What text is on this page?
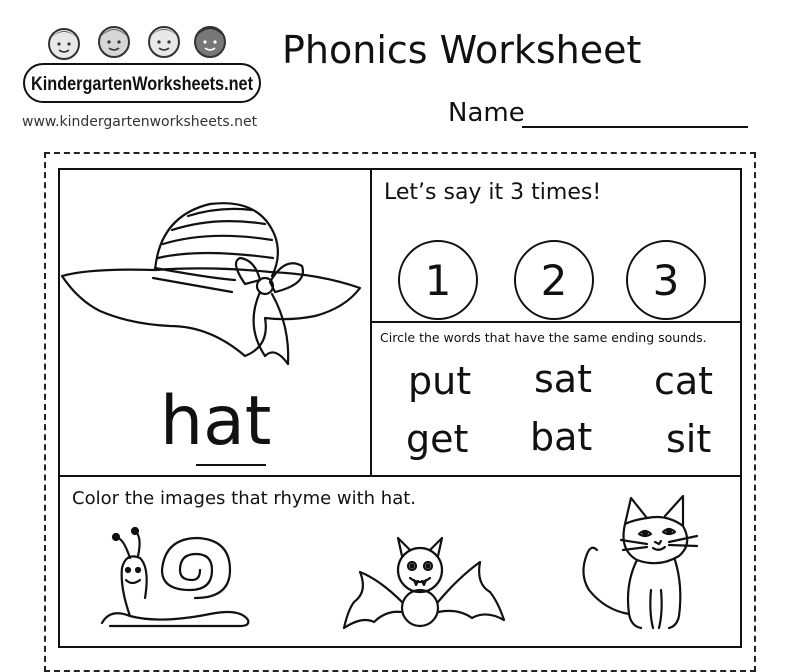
KindergartenWorksheets.net
www.kindergartenworksheets.net
Phonics Worksheet
Name
hat
Let’s say it 3 times!
1	2	3
Circle the words that have the same ending sounds.
put sat cat
get bat sit
Color the images that rhyme with hat.
